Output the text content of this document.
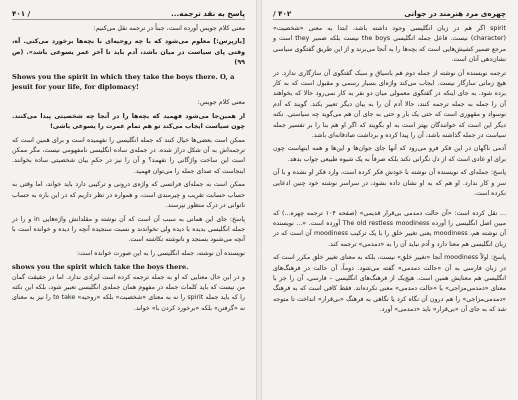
پاسخ به نقد ترجمه...
/ ۴۰۱

معنی کلام جویس آورده است، جبناً در ترجمه نقل می‌کنیم:

[بازپرس:] معلوم می‌شود که با چه روحیه‌ای با بچه‌ها برخورد می‌کنی. آه، وقتی پای سیاست در میان باشد، آدم باید تا آخر عمر یسوعی باشد». (ص ۹۹)

Shows you the spirit in which they take the boys there. O, a jesuit for your life, for diplomacy!

معنی کلام جویس:

از همین‌جا می‌شود فهمید که بچه‌ها را در آنجا چه شخصیتی پیدا می‌کنند. چون سیاست ایجاب می‌کند تو هم تمام عمرت را یسوعی باشی!

ممکن است بعضی‌ها خیال کنند که جمله انگلیسی را نفهمیده است و برای همین است که ترجمه‌اش به آن شکل دراز شده. در جمله‌ی ساده انگلیسی نامفهومی نیست، مگر ممکن است این ساخت واژگانی را نفهمد؟ و آن را نیز در حکمِ بیان شخصیتی ساده بخوانند. اینجاست که صدای جمله را می‌توان فهمید.

ممکن است به جمله‌ای فرانسی که واژه‌ی درونی و ترکیبی دارد باید خواند، اما وقتی به حساب حسابت تقریب و چیرمندی است، و همواره در نظر داریم که در این باره به حساب ناتوانی در درک منظور نپرسند.

پاسخ: جای این همانی به سبب آن است که آن نوشته و مقلدانش واژه‌هایی in و را در جمله انگلیسی بدیده با دیده ولی نخواندند و نسبت سنجیده آنچه را دیده و خوانده است با آنچه می‌شنود بسنجد و نانوشته نکاشته است.

نویسنده آن نوشته، جمله انگلیسی را به این صورت خوانده است:

shows you the spirit which take the boys there.

و در این حال معنایی که او به جمله ترجمه کرده است ایرادی ندارد. اما در حقیقت گمان من نیست که باید کلمات جمله در مفهوم همان جمله‌ی انگلیسی تعبیر شود، بلکه این نکته را که باید جمله spirit را نه به معنای «شخصیت» بلکه «روحیه» to take را نیز به معنای نه «گرفتن» بلکه «برخورد کردن با» خواند.

چهره‌ی مرد هنرمند در جوانی
۴۰۲ /

spirit اگر هم در زبان انگلیسی وجود داشته باشد، ابتدا به معنی «شخصیت» (character) نیست. فاعل جمله انگلیسی the boys نیست بلکه ضمیر they است و مرجع ضمیر کشیش‌هایی است که بچه‌ها را به آنجا می‌برند و از این طریق گفتگوی سیاسی نشان‌دهی آنان است.

ترجمه نویسنده آن نوشته از جمله دوم هم باسیاق و سبک گفتگوی آن سازگاری ندارد. در هیچ زمانی سازگار نیست. ایجاب می‌کند واژه‌ای بسیار رسمی و مقبول است که به کار برده شود. به جای اینکه در گفتگوی معمولی میان دو نفر به کار نمی‌رود حالا که بخواهند آن را جمله به جمله ترجمه کنند، حالا آدم آن را به بیان دیگر تعبیر بکند. گویند که آدم نوسواد و مقهوری است که حتی یک بار و حتی به جای آن هم می‌گوید چه سیاستی. نکته دیگر این است که خوانندگان بهتر است به او بگویند که اگر او هم بنا را بر تفسیر جمله سیاست در جمله گذاشته باشد، آن را پیدا کرده و برداشت صادقانه‌ای باشد.

آدمی ناگهان در این فکر فرو می‌رود که آنها جای جوان‌ها و این‌ها و همه اینهاست چون برای او عادی است که از دل نگرانی نکند بلکه صرفاً به یک شیوه طبیعی جواب بدهد.

پاسخ: جمله‌ای که نویسنده آن نوشته با خودش فکر کرده است، وارد فکر او نشده و با آن سر و کار ندارد. او هم که به او نشان داده بشود، در سراسر نوشته خود چنین ادعایی نکرده است.

... نقل کرده است: «آن حالت دمدمی بی‌قرار قدیمی» (صفحه ۱۰۴ ترجمه چهره...) که مبین اصل انگلیسی را آورده The old restless moodiness آورده است. «... نویسنده آن نوشته هم، moodiness یعنی تغییر خلق را با یک ترکیب moodiness آن است که در زبان انگلیسی هم معنا دارد و آدم نباید آن را به «دمدمی» ترجمه کند.

پاسخ: اولاً moodiness آنجا «تغییر خلق» نیست، بلکه به معنای تغییر خلق مکرر است که در زبان فارسی به آن «حالت دمدمی» گفته می‌شود. دوماً، آن حالت در فرهنگ‌های انگلیسی هم معنایش همین است. هیچ‌یک از فرهنگ‌های انگلیسی – فارسی، آن را جز با معنای «دمدمی‌مزاجی» یا «حالت دمدمی» معنی نکرده‌اند. فقط کافی است که به فرهنگ «دمدمی‌مزاجی» را هم درون آن نگاه کرد یا نگاهی به فرهنگ «بی‌قرار» انداخت تا متوجه شد که به جای آن «بی‌قرار» باید «دمدمی» آورد.
